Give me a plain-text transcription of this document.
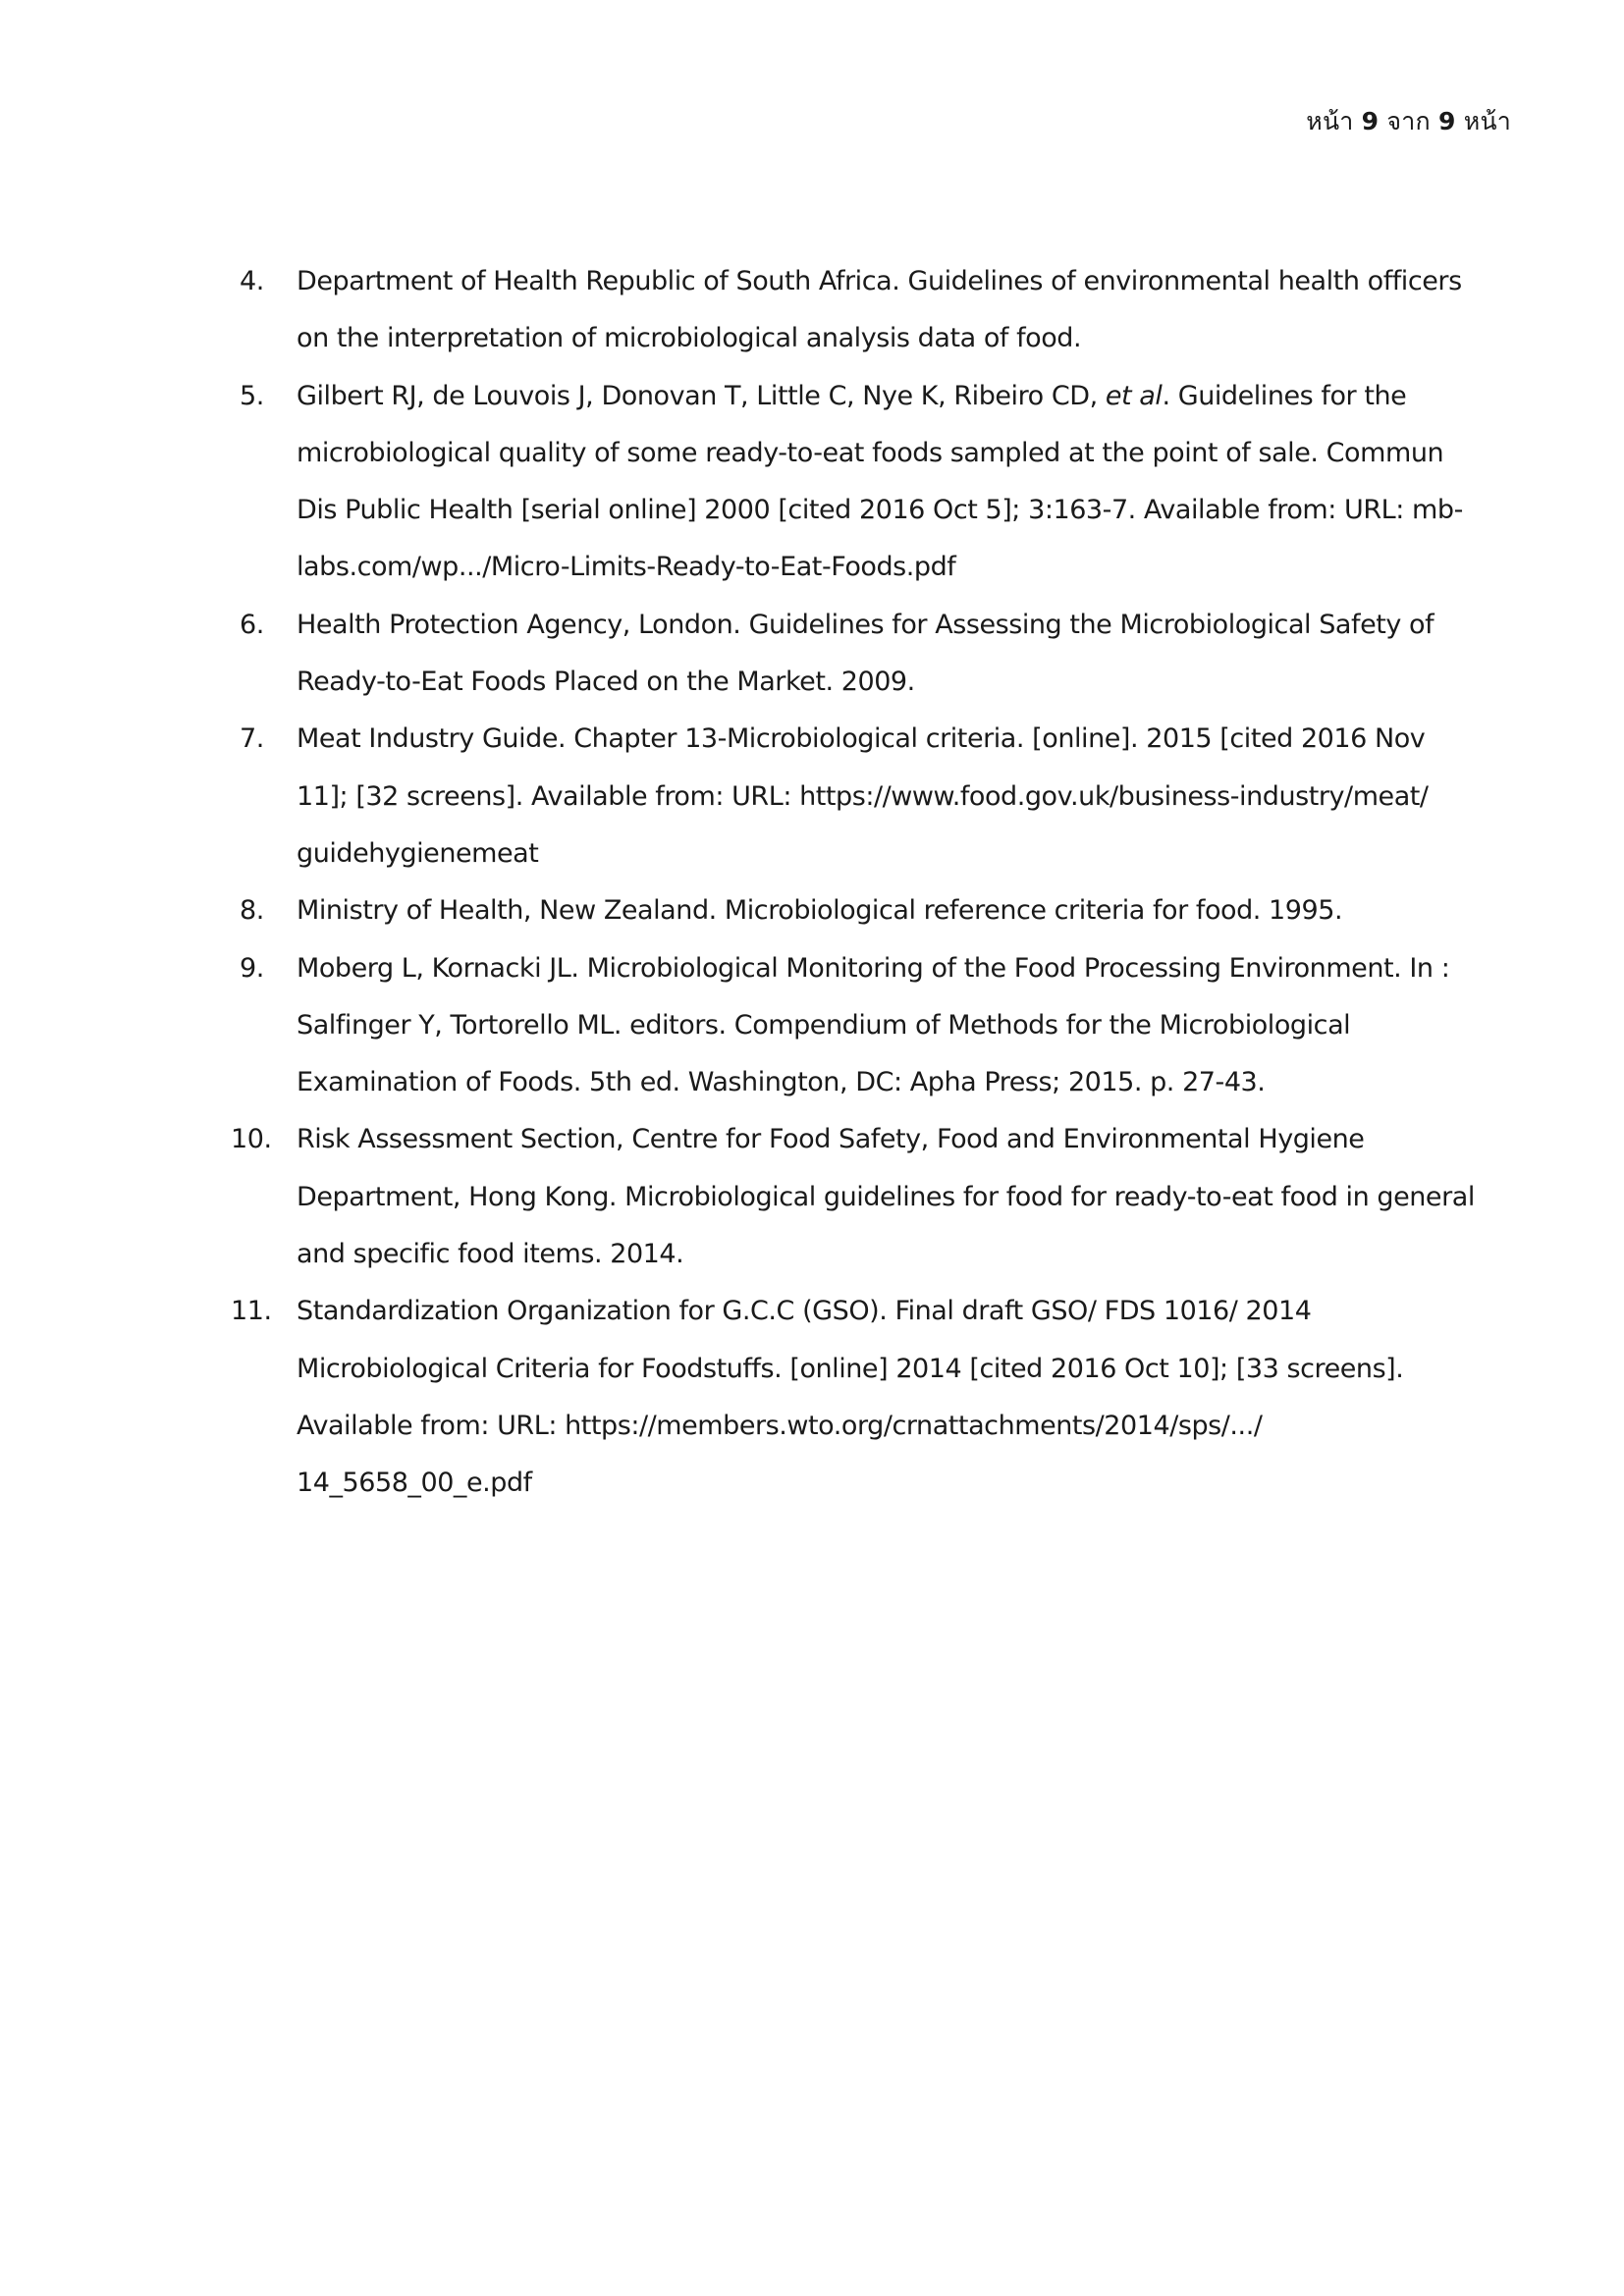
หน้า 9 จาก 9 หน้า
4. Department of Health Republic of South Africa. Guidelines of environmental health officers
on the interpretation of microbiological analysis data of food.
5. Gilbert RJ, de Louvois J, Donovan T, Little C, Nye K, Ribeiro CD, et al. Guidelines for the
microbiological quality of some ready-to-eat foods sampled at the point of sale. Commun
Dis Public Health [serial online] 2000 [cited 2016 Oct 5]; 3:163-7. Available from: URL: mb-
labs.com/wp.../Micro-Limits-Ready-to-Eat-Foods.pdf
6. Health Protection Agency, London. Guidelines for Assessing the Microbiological Safety of
Ready-to-Eat Foods Placed on the Market. 2009.
7. Meat Industry Guide. Chapter 13-Microbiological criteria. [online]. 2015 [cited 2016 Nov
11]; [32 screens]. Available from: URL: https://www.food.gov.uk/business-industry/meat/
guidehygienemeat
8. Ministry of Health, New Zealand. Microbiological reference criteria for food. 1995.
9. Moberg L, Kornacki JL. Microbiological Monitoring of the Food Processing Environment. In :
Salfinger Y, Tortorello ML. editors. Compendium of Methods for the Microbiological
Examination of Foods. 5th ed. Washington, DC: Apha Press; 2015. p. 27-43.
10. Risk Assessment Section, Centre for Food Safety, Food and Environmental Hygiene
Department, Hong Kong. Microbiological guidelines for food for ready-to-eat food in general
and specific food items. 2014.
11. Standardization Organization for G.C.C (GSO). Final draft GSO/ FDS 1016/ 2014
Microbiological Criteria for Foodstuffs. [online] 2014 [cited 2016 Oct 10]; [33 screens].
Available from: URL: https://members.wto.org/crnattachments/2014/sps/.../
14_5658_00_e.pdf
